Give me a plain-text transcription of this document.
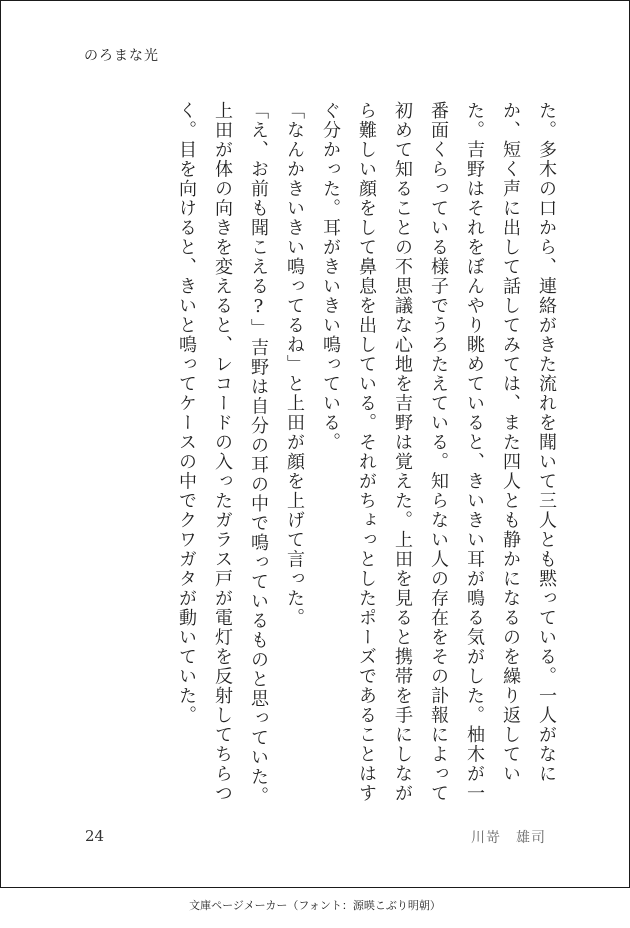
のろまな光

た。多木の口から、連絡がきた流れを聞いて三人とも黙っている。一人がなにか、短く声に出して話してみては、また四人とも静かになるのを繰り返していた。吉野はそれをぼんやり眺めていると、きいきい耳が鳴る気がした。柚木が一番面くらっている様子でうろたえている。知らない人の存在をその訃報によって初めて知ることの不思議な心地を吉野は覚えた。上田を見ると携帯を手にしながら難しい顔をして鼻息を出している。それがちょっとしたポーズであることはすぐ分かった。耳がきいきい鳴っている。

「なんかきいきい鳴ってるね」と上田が顔を上げて言った。

「え、お前も聞こえる?」吉野は自分の耳の中で鳴っているものと思っていた。

上田が体の向きを変えると、レコードの入ったガラス戸が電灯を反射してちらつく。目を向けると、きいと鳴ってケースの中でクワガタが動いていた。

24	川嵜　雄司
文庫ページメーカー（フォント：源暎こぶり明朝）
